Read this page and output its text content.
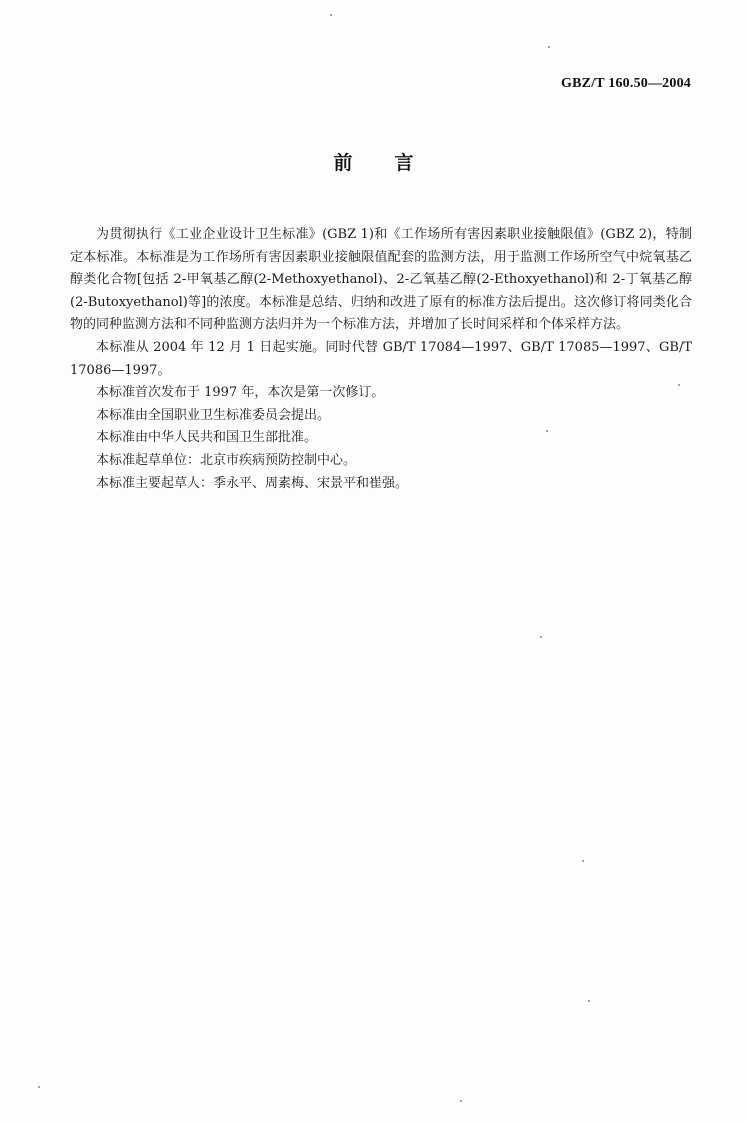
GBZ/T 160.50—2004
前 言

为贯彻执行《工业企业设计卫生标准》(GBZ 1)和《工作场所有害因素职业接触限值》(GBZ 2)，特制定本标准。本标准是为工作场所有害因素职业接触限值配套的监测方法，用于监测工作场所空气中烷氧基乙醇类化合物[包括 2-甲氧基乙醇(2-Methoxyethanol)、2-乙氧基乙醇(2-Ethoxyethanol)和 2-丁氧基乙醇(2-Butoxyethanol)等]的浓度。本标准是总结、归纳和改进了原有的标准方法后提出。这次修订将同类化合物的同种监测方法和不同种监测方法归并为一个标准方法，并增加了长时间采样和个体采样方法。

本标准从 2004 年 12 月 1 日起实施。同时代替 GB/T 17084—1997、GB/T 17085—1997、GB/T 17086—1997。

本标准首次发布于 1997 年，本次是第一次修订。

本标准由全国职业卫生标准委员会提出。

本标准由中华人民共和国卫生部批准。

本标准起草单位：北京市疾病预防控制中心。

本标准主要起草人：季永平、周素梅、宋景平和崔强。
